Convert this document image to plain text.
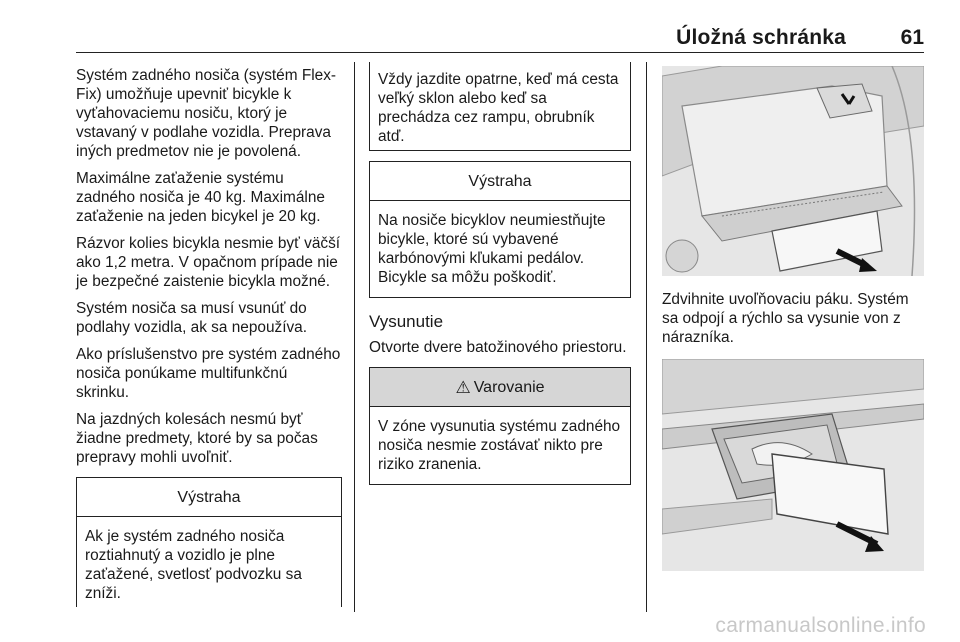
Úložná schránka	61

Systém zadného nosiča (systém Flex-Fix) umožňuje upevniť bicykle k vyťahovaciemu nosiču, ktorý je vstavaný v podlahe vozidla. Preprava iných predmetov nie je povolená.

Maximálne zaťaženie systému zadného nosiča je 40 kg. Maximálne zaťaženie na jeden bicykel je 20 kg.

Rázvor kolies bicykla nesmie byť väčší ako 1,2 metra. V opačnom prípade nie je bezpečné zaistenie bicykla možné.

Systém nosiča sa musí vsunúť do podlahy vozidla, ak sa nepoužíva.

Ako príslušenstvo pre systém zadného nosiča ponúkame multifunkčnú skrinku.

Na jazdných kolesách nesmú byť žiadne predmety, ktoré by sa počas prepravy mohli uvoľniť.

Výstraha

Ak je systém zadného nosiča roztiahnutý a vozidlo je plne zaťažené, svetlosť podvozku sa zníži.

Vždy jazdite opatrne, keď má cesta veľký sklon alebo keď sa prechádza cez rampu, obrubník atď.

Výstraha

Na nosiče bicyklov neumiestňujte bicykle, ktoré sú vybavené karbónovými kľukami pedálov. Bicykle sa môžu poškodiť.

Vysunutie

Otvorte dvere batožinového priestoru.

⚠ Varovanie

V zóne vysunutia systému zadného nosiča nesmie zostávať nikto pre riziko zranenia.

Zdvihnite uvoľňovaciu páku. Systém sa odpojí a rýchlo sa vysunie von z nárazníka.

carmanualsonline.info
